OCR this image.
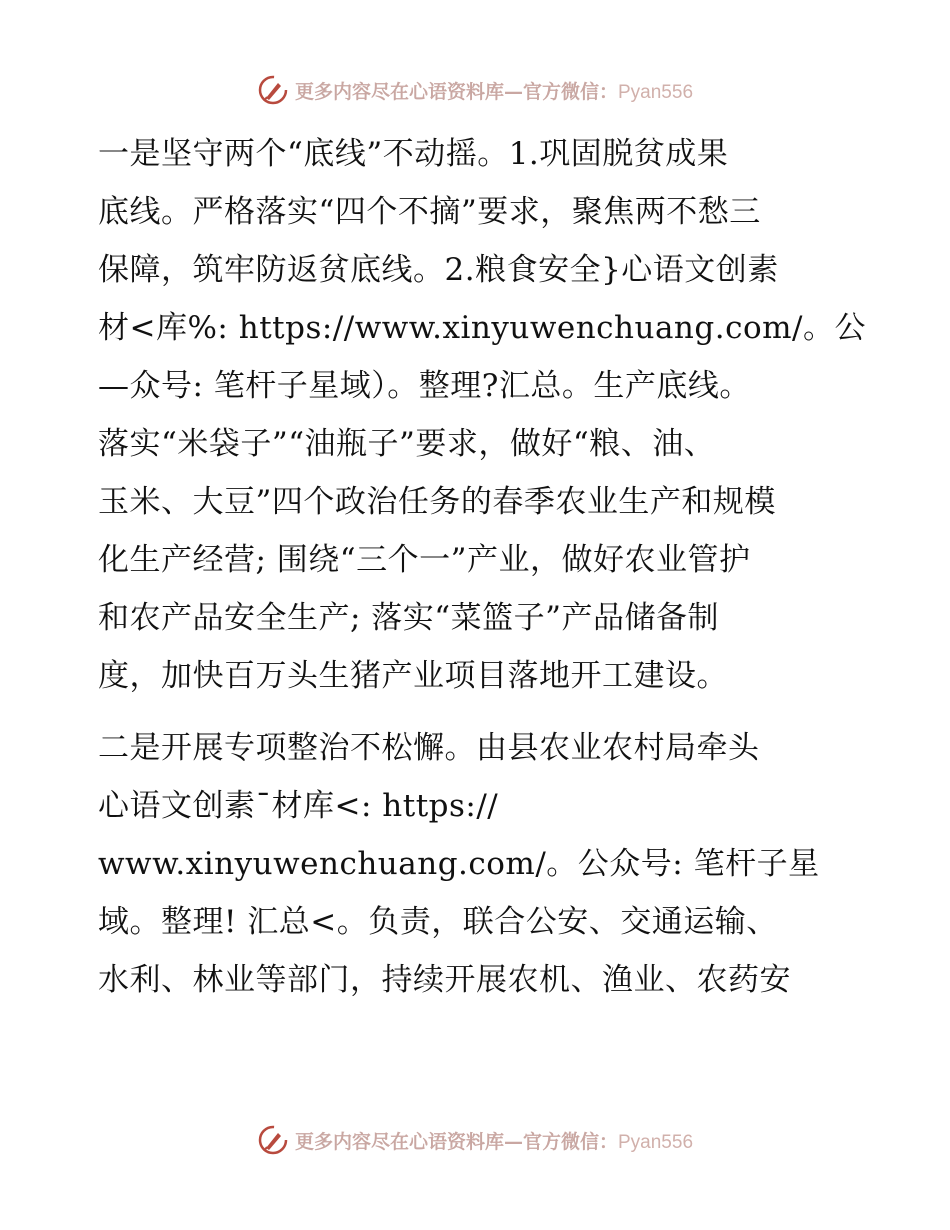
更多内容尽在心语资料库—官方微信：Pyan556

一是坚守两个“底线”不动摇。1.巩固脱贫成果
底线。严格落实“四个不摘”要求，聚焦两不愁三
保障，筑牢防返贫底线。2.粮食安全}心语文创素
材<库%: https://www.xinyuwenchuang.com/。公
—众号: 笔杆子星域）。整理?汇总。生产底线。
落实“米袋子”“油瓶子”要求，做好“粮、油、
玉米、大豆”四个政治任务的春季农业生产和规模
化生产经营; 围绕“三个一”产业，做好农业管护
和农产品安全生产; 落实“菜篮子”产品储备制
度，加快百万头生猪产业项目落地开工建设。

二是开展专项整治不松懈。由县农业农村局牵头
心语文创素¯材库<: https://
www.xinyuwenchuang.com/。公众号: 笔杆子星
域。整理! 汇总<。负责，联合公安、交通运输、
水利、林业等部门，持续开展农机、渔业、农药安

更多内容尽在心语资料库—官方微信：Pyan556
